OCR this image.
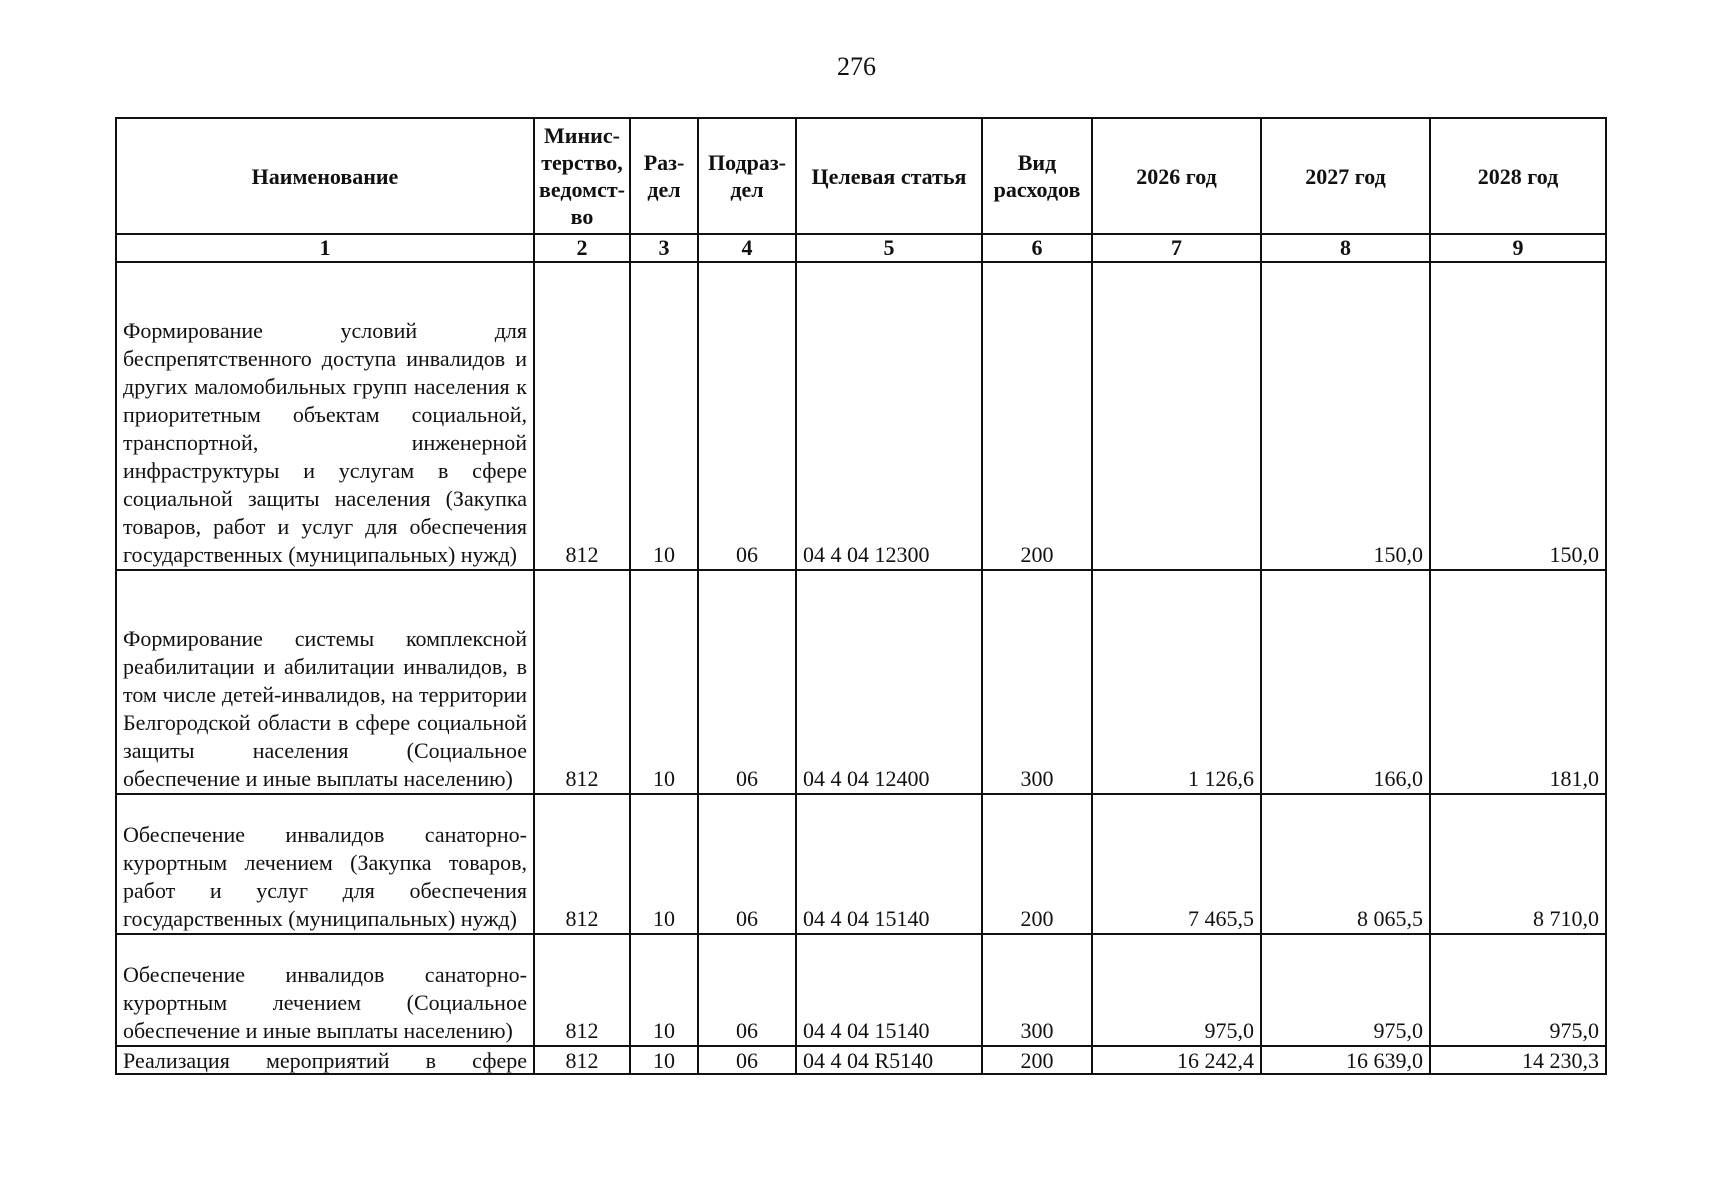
276
Наименование	Минис-терство, ведомст-во	Раз-дел	Подраз-дел	Целевая статья	Вид расходов	2026 год	2027 год	2028 год
1	2	3	4	5	6	7	8	9
Формирование условий для беспрепятственного доступа инвалидов и других маломобильных групп населения к приоритетным объектам социальной, транспортной, инженерной инфраструктуры и услугам в сфере социальной защиты населения (Закупка товаров, работ и услуг для обеспечения государственных (муниципальных) нужд)	812	10	06	04 4 04 12300	200		150,0	150,0
Формирование системы комплексной реабилитации и абилитации инвалидов, в том числе детей-инвалидов, на территории Белгородской области в сфере социальной защиты населения (Социальное обеспечение и иные выплаты населению)	812	10	06	04 4 04 12400	300	1 126,6	166,0	181,0
Обеспечение инвалидов санаторно-курортным лечением (Закупка товаров, работ и услуг для обеспечения государственных (муниципальных) нужд)	812	10	06	04 4 04 15140	200	7 465,5	8 065,5	8 710,0
Обеспечение инвалидов санаторно-курортным лечением (Социальное обеспечение и иные выплаты населению)	812	10	06	04 4 04 15140	300	975,0	975,0	975,0
Реализация мероприятий в сфере	812	10	06	04 4 04 R5140	200	16 242,4	16 639,0	14 230,3
